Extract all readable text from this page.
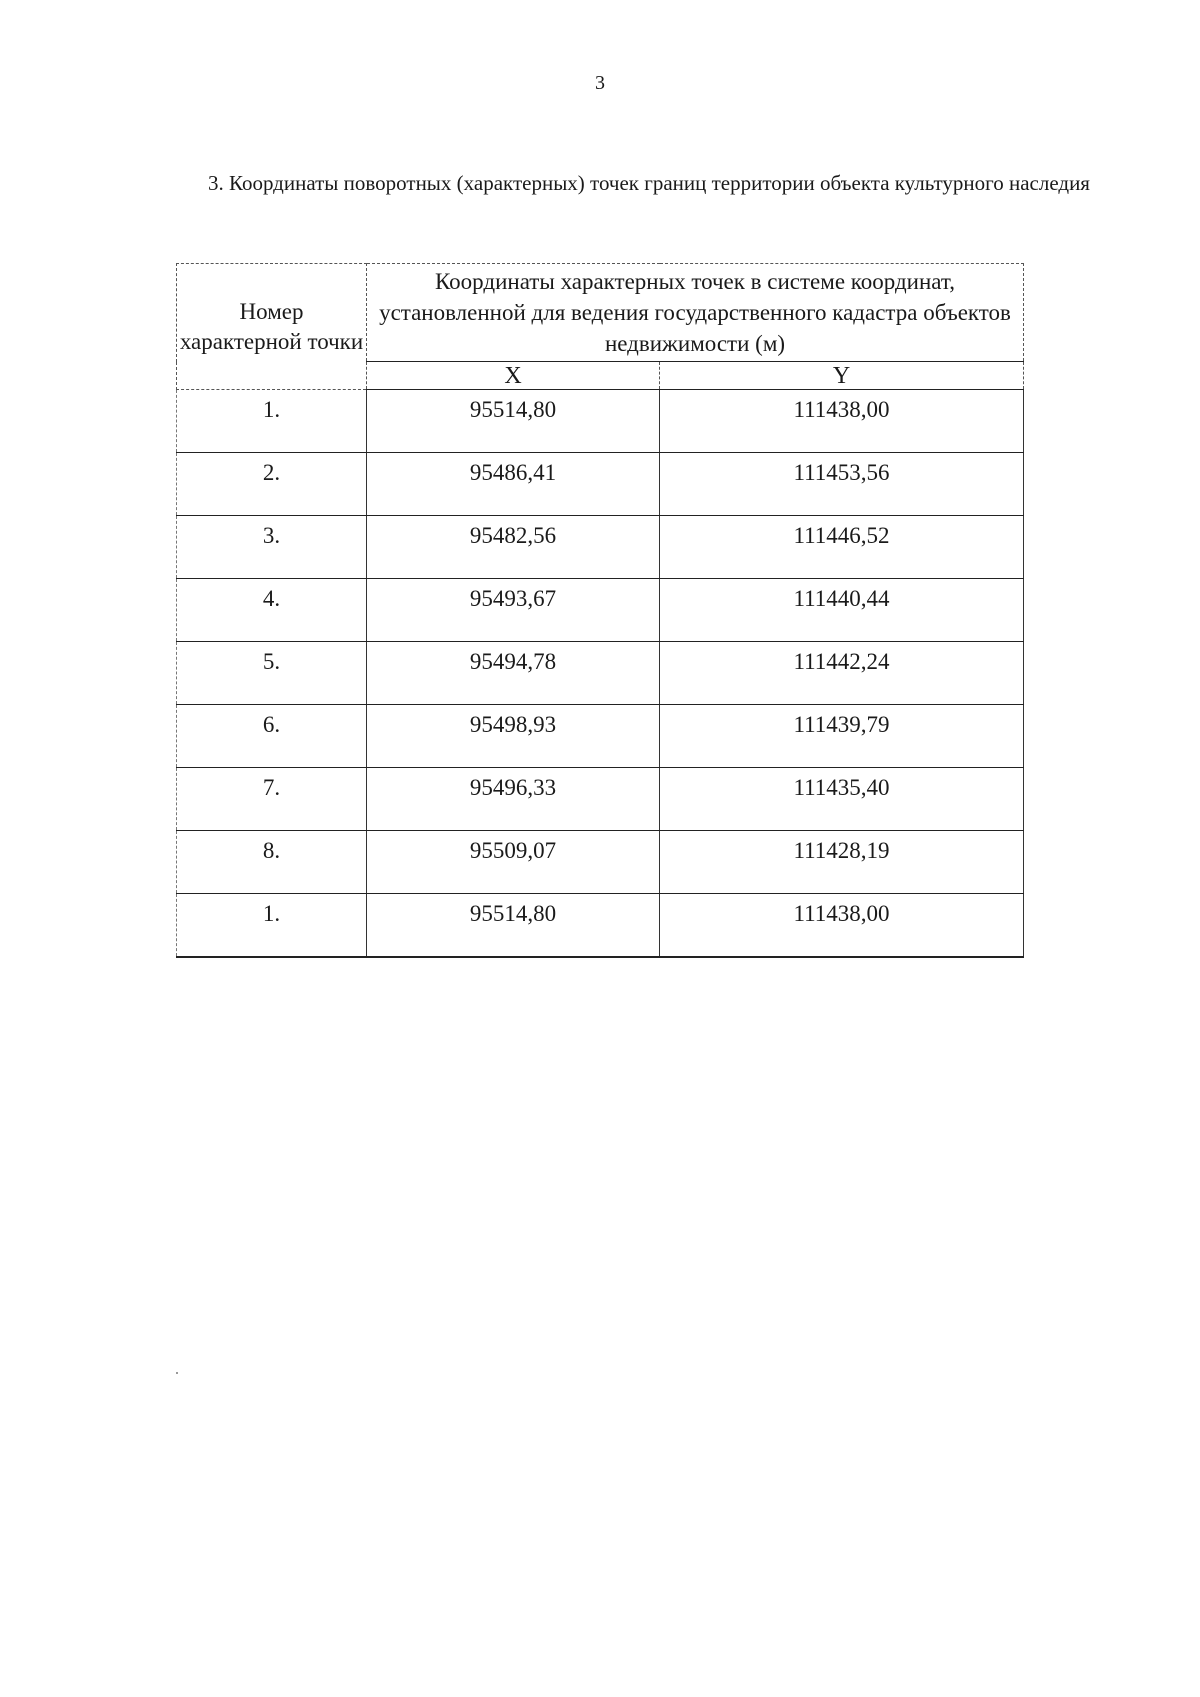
3
3. Координаты поворотных (характерных) точек границ территории объекта культурного наследия
Номер характерной точки	Координаты характерных точек в системе координат, установленной для ведения государственного кадастра объектов недвижимости (м)	
	X	Y
1.	95514,80	111438,00
2.	95486,41	111453,56
3.	95482,56	111446,52
4.	95493,67	111440,44
5.	95494,78	111442,24
6.	95498,93	111439,79
7.	95496,33	111435,40
8.	95509,07	111428,19
1.	95514,80	111438,00
